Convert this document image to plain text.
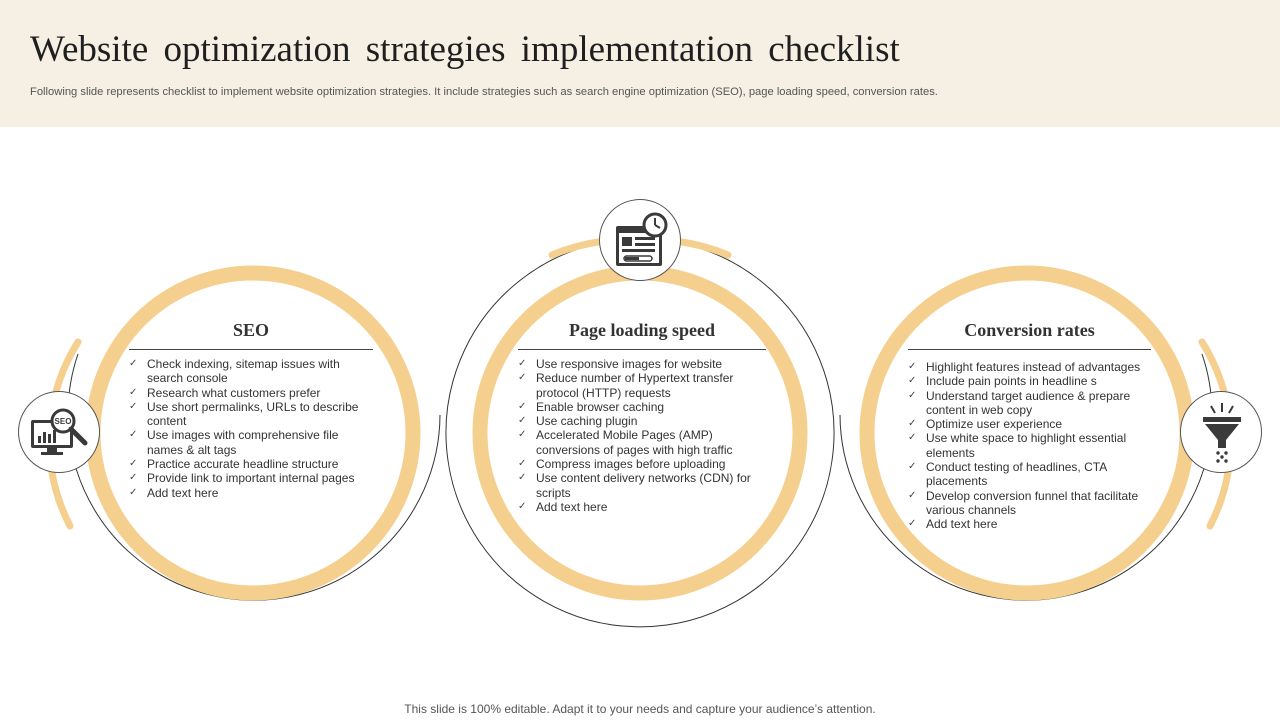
Website optimization strategies implementation checklist

Following slide represents checklist to implement website optimization strategies. It include strategies such as search engine optimization (SEO), page loading speed, conversion rates.

SEO
SEO
✓ Check indexing, sitemap issues with search console
✓ Research what customers prefer
✓ Use short permalinks, URLs to describe content
✓ Use images with comprehensive file names & alt tags
✓ Practice accurate headline structure
✓ Provide link to important internal pages
✓ Add text here
Page loading speed
✓ Use responsive images for website
✓ Reduce number of Hypertext transfer protocol (HTTP) requests
✓ Enable browser caching
✓ Use caching plugin
✓ Accelerated Mobile Pages (AMP) conversions of pages with high traffic
✓ Compress images before uploading
✓ Use content delivery networks (CDN) for scripts
✓ Add text here
Conversion rates
✓ Highlight features instead of advantages
✓ Include pain points in headline s
✓ Understand target audience & prepare content in web copy
✓ Optimize user experience
✓ Use white space to highlight essential elements
✓ Conduct testing of headlines, CTA placements
✓ Develop conversion funnel that facilitate various channels
✓ Add text here
This slide is 100% editable. Adapt it to your needs and capture your audience’s attention.
